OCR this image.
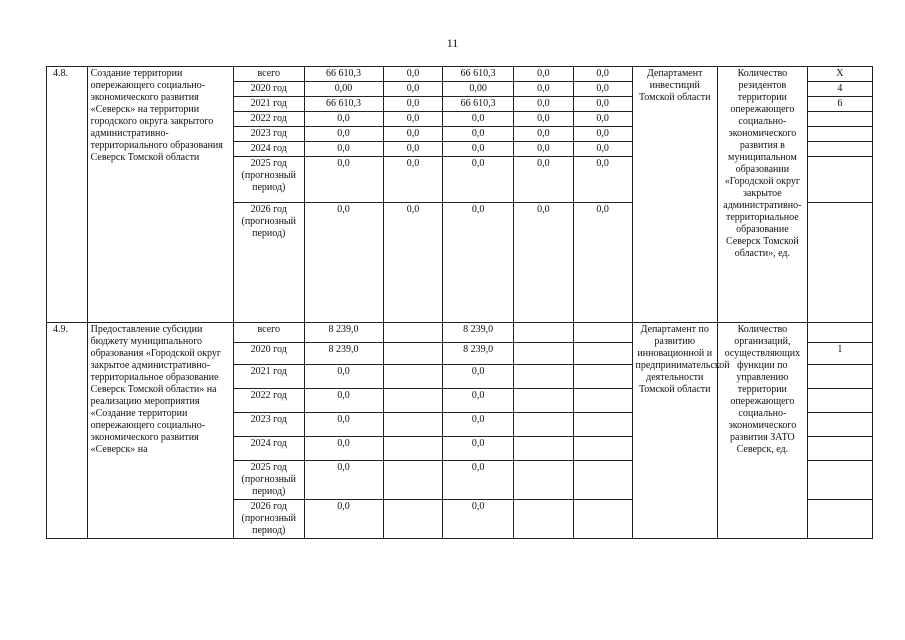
11
4.8.	Создание территории опережающего социально-экономического развития «Северск» на территории городского округа закрытого административно-территориального образования Северск Томской области	всего	66 610,3	0,0	66 610,3	0,0	0,0	Департамент инвестиций Томской области	Количество резидентов территории опережающего социально-экономического развития в муниципальном образовании «Городской округ закрытое административно-территориальное образование Северск Томской области», ед.	Х
		2020 год	0,00	0,0	0,00	0,0	0,0			4
		2021 год	66 610,3	0,0	66 610,3	0,0	0,0			6
		2022 год	0,0	0,0	0,0	0,0	0,0			
		2023 год	0,0	0,0	0,0	0,0	0,0			
		2024 год	0,0	0,0	0,0	0,0	0,0			
		2025 год (прогнозный период)	0,0	0,0	0,0	0,0	0,0			
		2026 год (прогнозный период)	0,0	0,0	0,0	0,0	0,0			
4.9.	Предоставление субсидии бюджету муниципального образования «Городской округ закрытое административно-территориальное образование Северск Томской области» на реализацию мероприятия «Создание территории опережающего социально-экономического развития «Северск» на	всего	8 239,0		8 239,0			Департамент по развитию инновационной и предпринимательской деятельности Томской области	Количество организаций, осуществляющих функции по управлению территории опережающего социально-экономического развития ЗАТО Северск, ед.	
		2020 год	8 239,0		8 239,0					1
		2021 год	0,0		0,0					
		2022 год	0,0		0,0					
		2023 год	0,0		0,0					
		2024 год	0,0		0,0					
		2025 год (прогнозный период)	0,0		0,0					
		2026 год (прогнозный период)	0,0		0,0					
